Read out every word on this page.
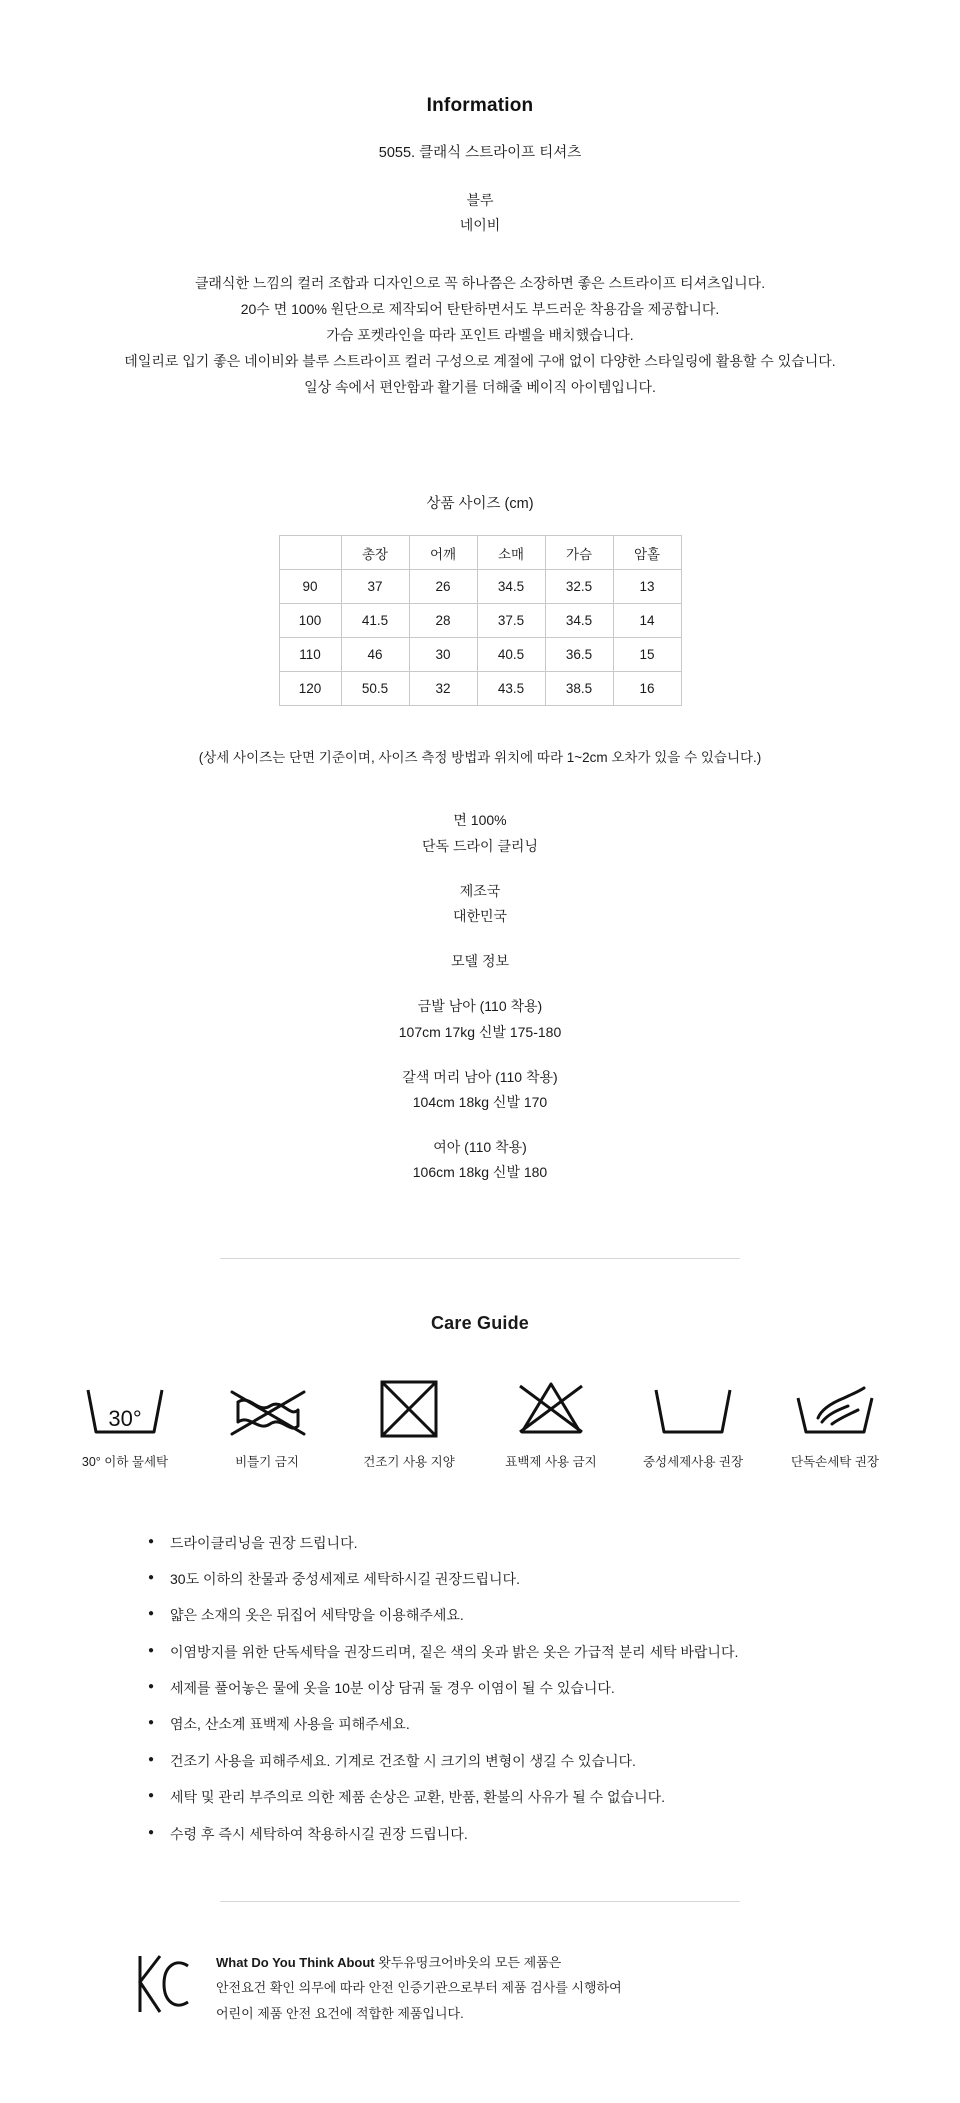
Information
5055. 클래식 스트라이프 티셔츠
블루
네이비
클래식한 느낌의 컬러 조합과 디자인으로 꼭 하나쯤은 소장하면 좋은 스트라이프 티셔츠입니다.
20수 면 100% 원단으로 제작되어 탄탄하면서도 부드러운 착용감을 제공합니다.
가슴 포켓라인을 따라 포인트 라벨을 배치했습니다.
데일리로 입기 좋은 네이비와 블루 스트라이프 컬러 구성으로 계절에 구애 없이 다양한 스타일링에 활용할 수 있습니다.
일상 속에서 편안함과 활기를 더해줄 베이직 아이템입니다.
상품 사이즈 (cm)
	총장	어깨	소매	가슴	암홀
90	37	26	34.5	32.5	13
100	41.5	28	37.5	34.5	14
110	46	30	40.5	36.5	15
120	50.5	32	43.5	38.5	16
(상세 사이즈는 단면 기준이며, 사이즈 측정 방법과 위치에 따라 1~2cm 오차가 있을 수 있습니다.)
면 100%
단독 드라이 클리닝
제조국
대한민국
모델 정보
금발 남아 (110 착용)
107cm 17kg 신발 175-180
갈색 머리 남아 (110 착용)
104cm 18kg 신발 170
여아 (110 착용)
106cm 18kg 신발 180
Care Guide
30°
30° 이하 물세탁	비틀기 금지	건조기 사용 지양	표백제 사용 금지	중성세제사용 권장	단독손세탁 권장
● 드라이클리닝을 권장 드립니다.
● 30도 이하의 찬물과 중성세제로 세탁하시길 권장드립니다.
● 얇은 소재의 옷은 뒤집어 세탁망을 이용해주세요.
● 이염방지를 위한 단독세탁을 권장드리며, 짙은 색의 옷과 밝은 옷은 가급적 분리 세탁 바랍니다.
● 세제를 풀어놓은 물에 옷을 10분 이상 담궈 둘 경우 이염이 될 수 있습니다.
● 염소, 산소계 표백제 사용을 피해주세요.
● 건조기 사용을 피해주세요. 기계로 건조할 시 크기의 변형이 생길 수 있습니다.
● 세탁 및 관리 부주의로 의한 제품 손상은 교환, 반품, 환불의 사유가 될 수 없습니다.
● 수령 후 즉시 세탁하여 착용하시길 권장 드립니다.
What Do You Think About 왓두유띵크어바웃의 모든 제품은
안전요건 확인 의무에 따라 안전 인증기관으로부터 제품 검사를 시행하여
어린이 제품 안전 요건에 적합한 제품입니다.
